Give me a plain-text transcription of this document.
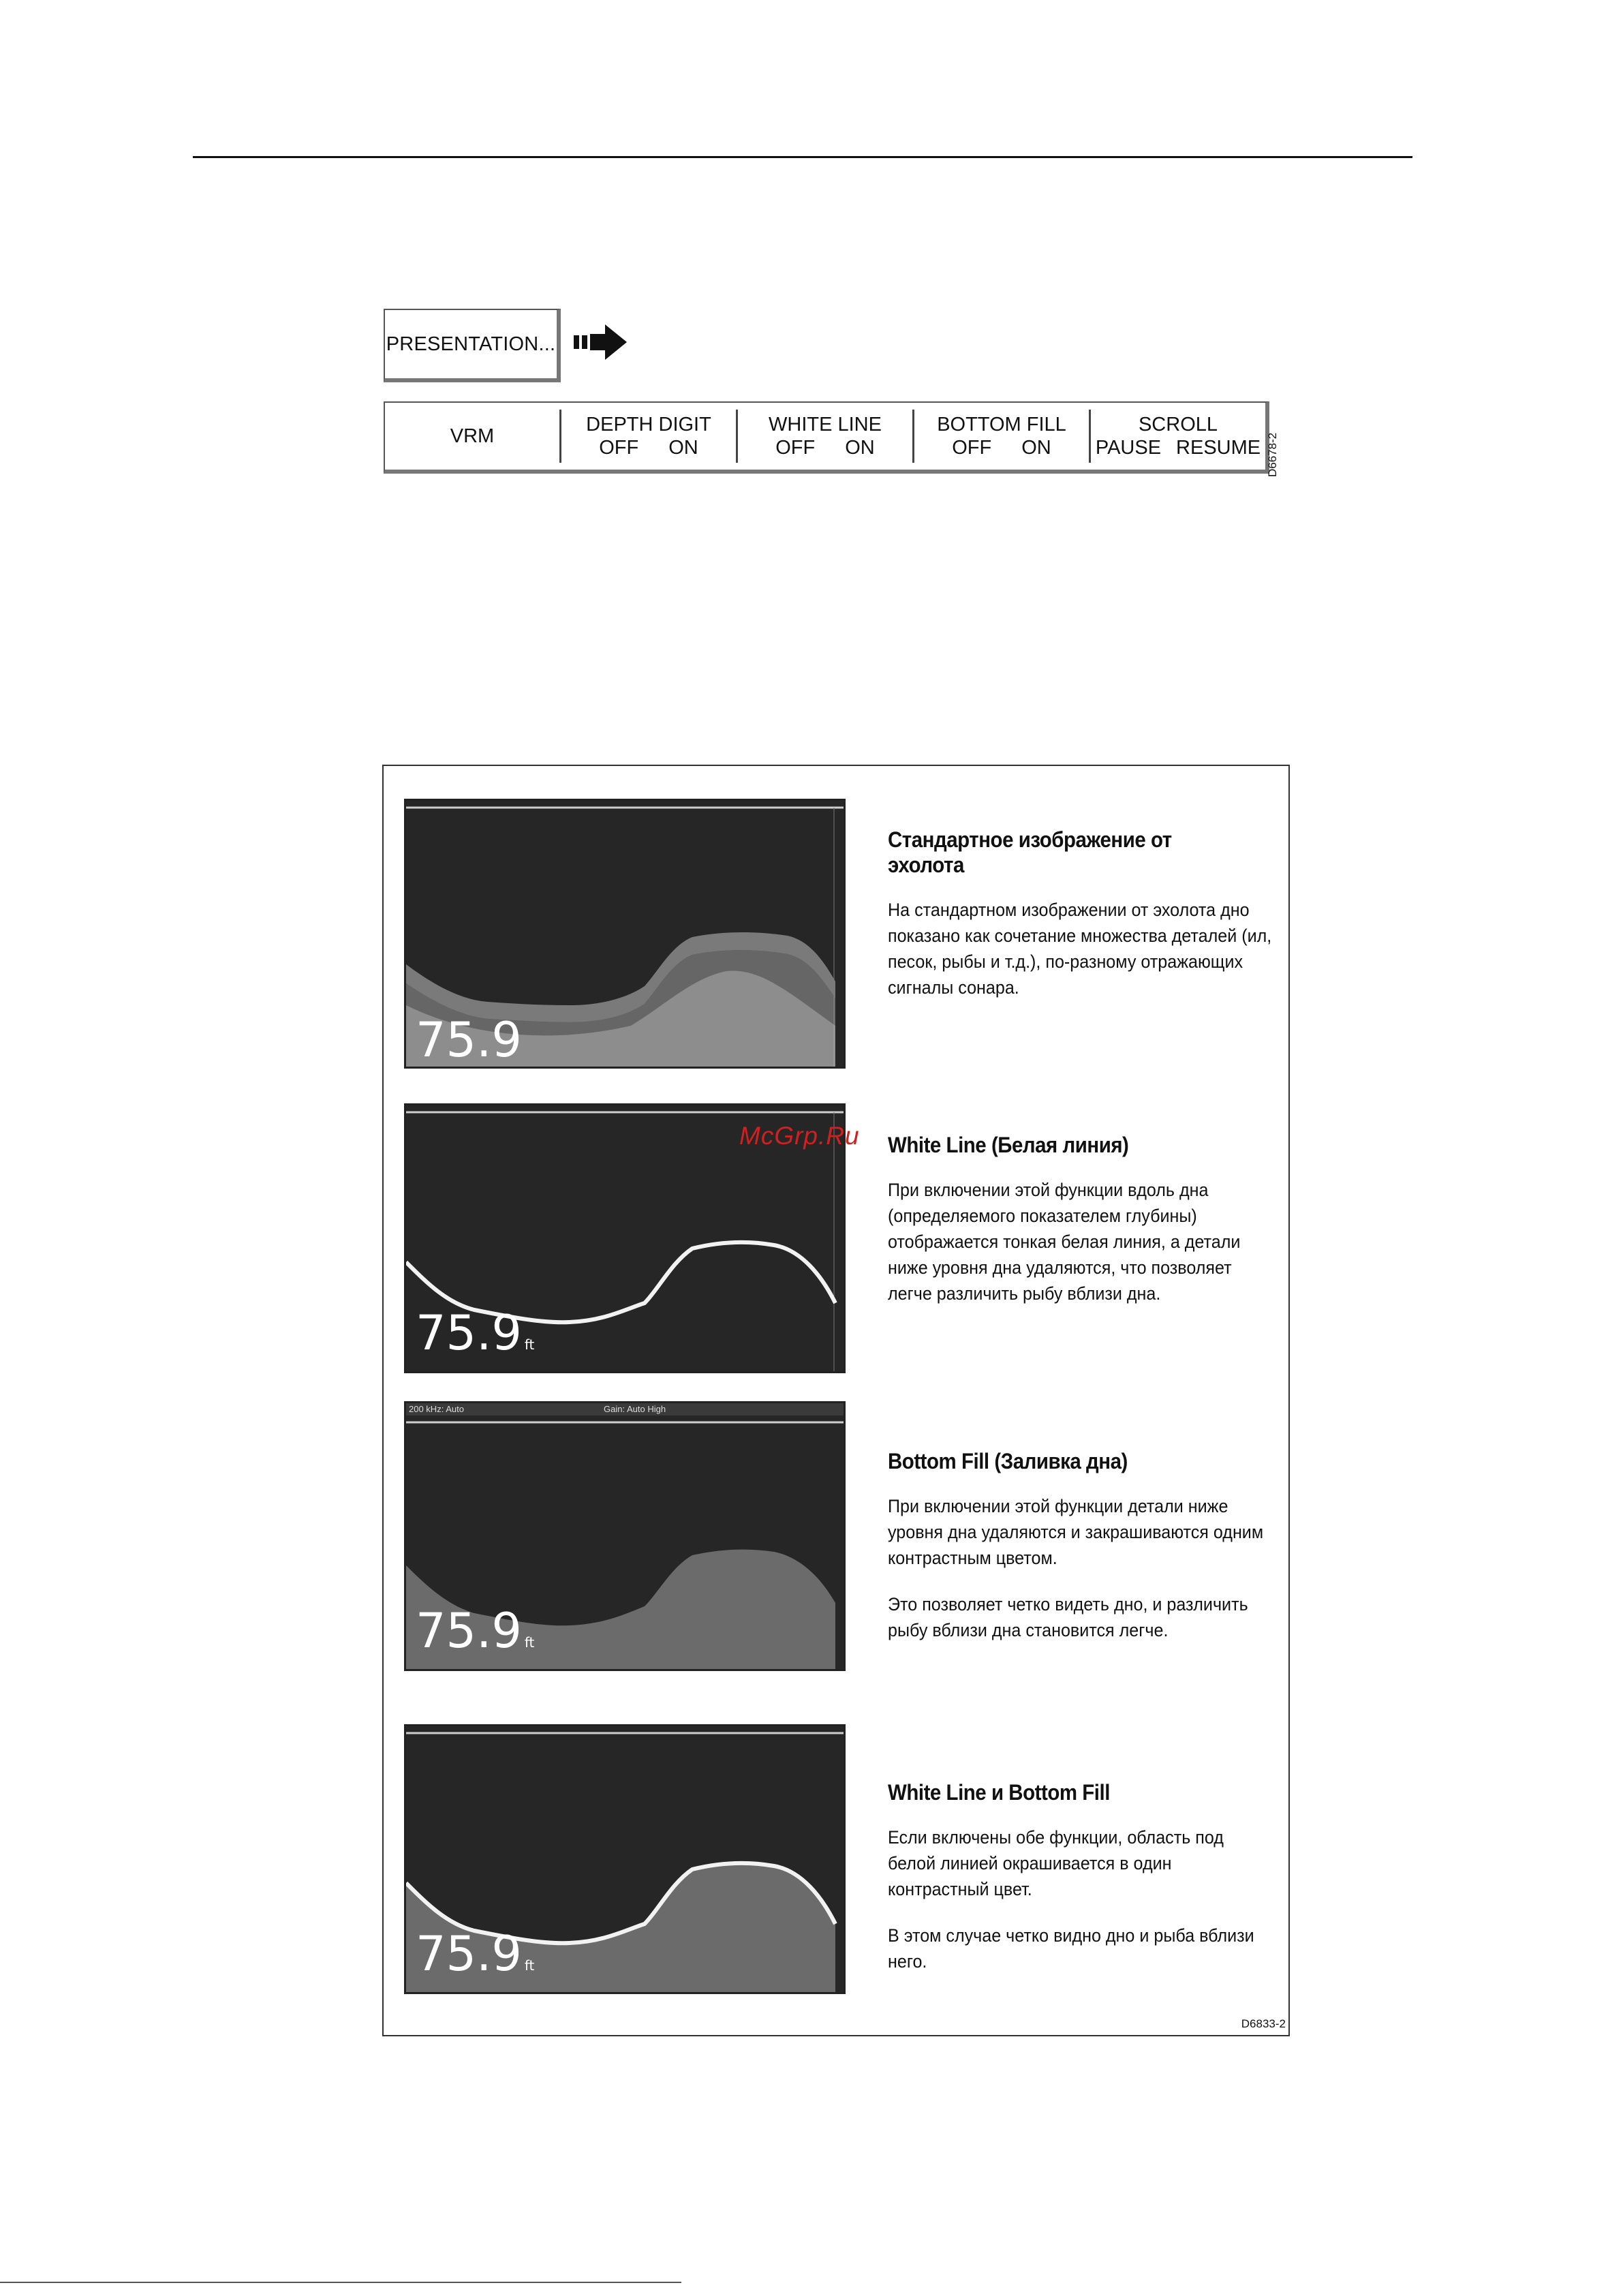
PRESENTATION...
VRM
DEPTH DIGIT
OFF ON
WHITE LINE
OFF ON
BOTTOM FILL
OFF ON
SCROLL
PAUSE RESUME D6678-2
75.9
75.9 ft
200 kHz: Auto	Gain: Auto High
75.9 ft
75.9 ft
McGrp.Ru
Стандартное изображение от эхолота

На стандартном изображении от эхолота дно показано как сочетание множества деталей (ил, песок, рыбы и т.д.), по-разному отражающих сигналы сонара.

White Line (Белая линия)

При включении этой функции вдоль дна (определяемого показателем глубины) отображается тонкая белая линия, а детали ниже уровня дна удаляются, что позволяет легче различить рыбу вблизи дна.

Bottom Fill (Заливка дна)

При включении этой функции детали ниже уровня дна удаляются и закрашиваются одним контрастным цветом.

Это позволяет четко видеть дно, и различить рыбу вблизи дна становится легче.

White Line и Bottom Fill

Если включены обе функции, область под белой линией окрашивается в один контрастный цвет.

В этом случае четко видно дно и рыба вблизи него.

D6833-2
